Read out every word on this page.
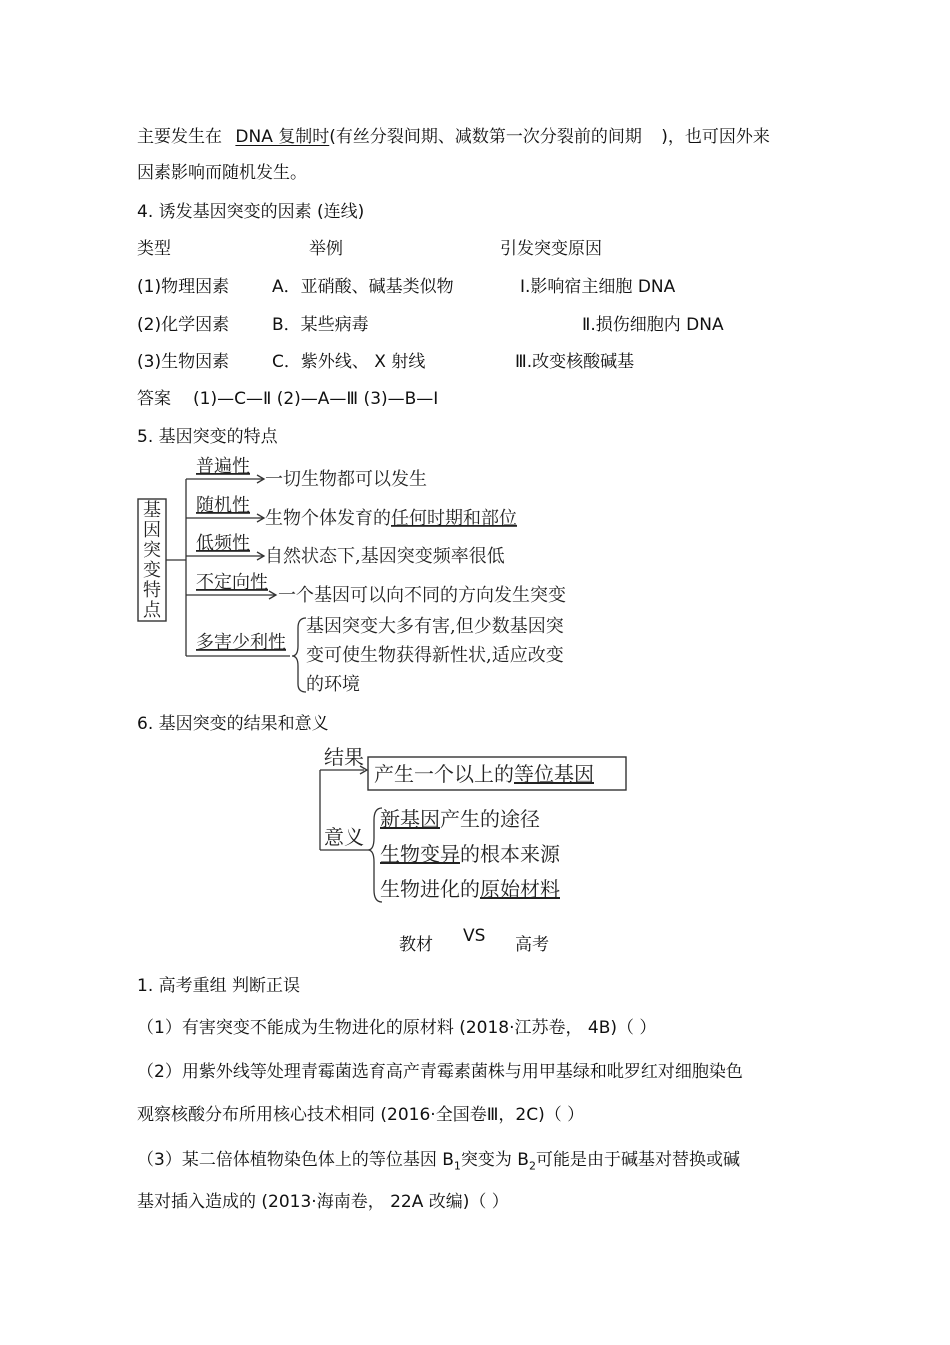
主要发生在 DNA 复制时(有丝分裂间期、减数第一次分裂前的间期 )，也可因外来
因素影响而随机发生。
4. 诱发基因突变的因素 (连线)
类型	举例	引发突变原因
(1)物理因素	A．亚硝酸、碱基类似物	Ⅰ.影响宿主细胞 DNA
(2)化学因素	B．某些病毒	Ⅱ.损伤细胞内 DNA
(3)生物因素	C．紫外线、 X 射线	Ⅲ.改变核酸碱基
答案 (1)—C—Ⅱ (2)—A—Ⅲ (3)—B—Ⅰ
5. 基因突变的特点
基
因
突
变
特
点
普遍性
一切生物都可以发生
随机性
生物个体发育的任何时期和部位
低频性
自然状态下,基因突变频率很低
不定向性
一个基因可以向不同的方向发生突变
多害少利性
基因突变大多有害,但少数基因突
变可使生物获得新性状,适应改变
的环境
6. 基因突变的结果和意义
结果
产生一个以上的等位基因
意义
新基因产生的途径
生物变异的根本来源
生物进化的原始材料
教材 VS 高考
1. 高考重组 判断正误
（1）有害突变不能成为生物进化的原材料 (2018·江苏卷， 4B)（ ）
（2）用紫外线等处理青霉菌选育高产青霉素菌株与用甲基绿和吡罗红对细胞染色
观察核酸分布所用核心技术相同 (2016·全国卷Ⅲ，2C)（ ）
（3）某二倍体植物染色体上的等位基因 $B_1$突变为 $B_2$可能是由于碱基对替换或碱
基对插入造成的 (2013·海南卷， 22A 改编)（ ）
